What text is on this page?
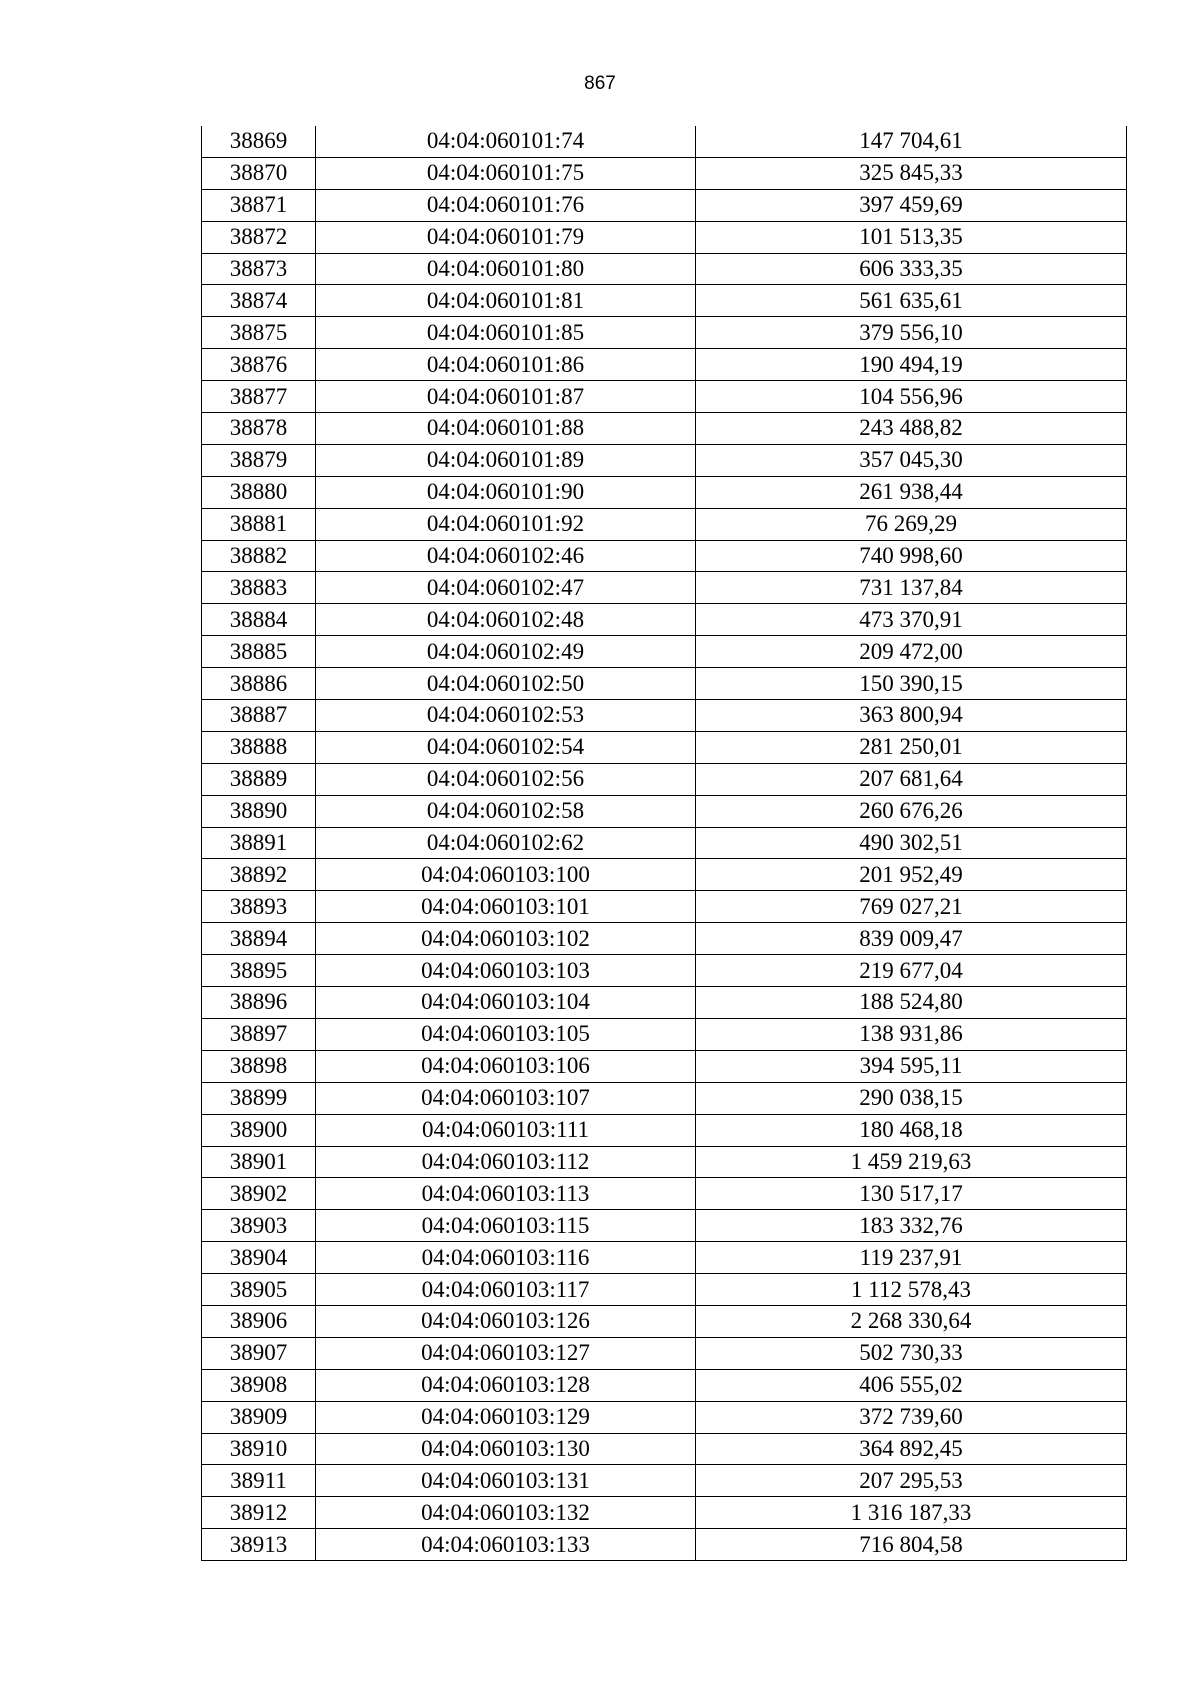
867
38869	04:04:060101:74	147 704,61
38870	04:04:060101:75	325 845,33
38871	04:04:060101:76	397 459,69
38872	04:04:060101:79	101 513,35
38873	04:04:060101:80	606 333,35
38874	04:04:060101:81	561 635,61
38875	04:04:060101:85	379 556,10
38876	04:04:060101:86	190 494,19
38877	04:04:060101:87	104 556,96
38878	04:04:060101:88	243 488,82
38879	04:04:060101:89	357 045,30
38880	04:04:060101:90	261 938,44
38881	04:04:060101:92	76 269,29
38882	04:04:060102:46	740 998,60
38883	04:04:060102:47	731 137,84
38884	04:04:060102:48	473 370,91
38885	04:04:060102:49	209 472,00
38886	04:04:060102:50	150 390,15
38887	04:04:060102:53	363 800,94
38888	04:04:060102:54	281 250,01
38889	04:04:060102:56	207 681,64
38890	04:04:060102:58	260 676,26
38891	04:04:060102:62	490 302,51
38892	04:04:060103:100	201 952,49
38893	04:04:060103:101	769 027,21
38894	04:04:060103:102	839 009,47
38895	04:04:060103:103	219 677,04
38896	04:04:060103:104	188 524,80
38897	04:04:060103:105	138 931,86
38898	04:04:060103:106	394 595,11
38899	04:04:060103:107	290 038,15
38900	04:04:060103:111	180 468,18
38901	04:04:060103:112	1 459 219,63
38902	04:04:060103:113	130 517,17
38903	04:04:060103:115	183 332,76
38904	04:04:060103:116	119 237,91
38905	04:04:060103:117	1 112 578,43
38906	04:04:060103:126	2 268 330,64
38907	04:04:060103:127	502 730,33
38908	04:04:060103:128	406 555,02
38909	04:04:060103:129	372 739,60
38910	04:04:060103:130	364 892,45
38911	04:04:060103:131	207 295,53
38912	04:04:060103:132	1 316 187,33
38913	04:04:060103:133	716 804,58
